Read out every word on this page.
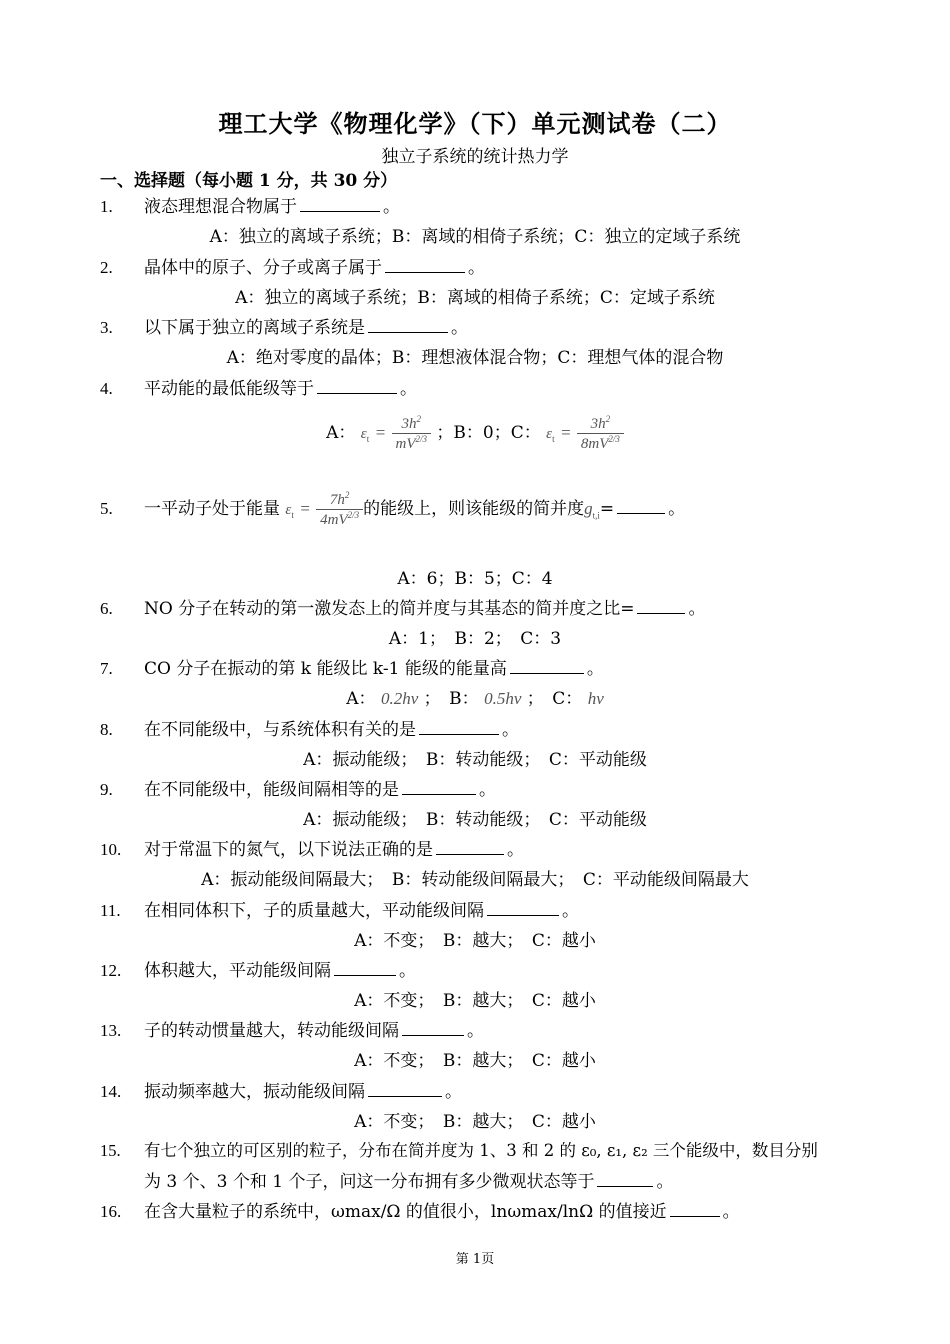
理工大学《物理化学》（下）单元测试卷（二）
独立子系统的统计热力学
一、选择题（每小题 1 分，共 30 分）
1. 液态理想混合物属于	。
A：独立的离域子系统；B：离域的相倚子系统；C：独立的定域子系统
2. 晶体中的原子、分子或离子属于	。
A：独立的离域子系统；B：离域的相倚子系统；C：定域子系统
3. 以下属于独立的离域子系统是	。
A：绝对零度的晶体；B：理想液体混合物；C：理想气体的混合物
4. 平动能的最低能级等于	。
A： $\varepsilon_t = \frac{3h^2}{mV^{2/3}}$ ；B：0；C： $\varepsilon_t = \frac{3h^2}{8mV^{2/3}}$
5. 一平动子处于能量 $\varepsilon_t = \frac{7h^2}{4mV^{2/3}}$ 的能级上，则该能级的简并度$g_{t,i}=$	。
A：6；B：5；C：4
6. NO 分子在转动的第一激发态上的简并度与其基态的简并度之比=	。
A：1；　B：2；　C：3
7. CO 分子在振动的第 k 能级比 k-1 能级的能量高	。
A： 0.2hν ；　B： 0.5hν ；　C： hν
8. 在不同能级中，与系统体积有关的是	。
A：振动能级；　B：转动能级；　C：平动能级
9. 在不同能级中，能级间隔相等的是	。
A：振动能级；　B：转动能级；　C：平动能级
10. 对于常温下的氮气，以下说法正确的是	。
A：振动能级间隔最大；　B：转动能级间隔最大；　C：平动能级间隔最大
11. 在相同体积下，子的质量越大，平动能级间隔	。
A：不变；　B：越大；　C：越小
12. 体积越大，平动能级间隔	。
A：不变；　B：越大；　C：越小
13. 子的转动惯量越大，转动能级间隔	。
A：不变；　B：越大；　C：越小
14. 振动频率越大，振动能级间隔	。
A：不变；　B：越大；　C：越小
15. 有七个独立的可区别的粒子，分布在简并度为 1、3 和 2 的 ε₀, ε₁, ε₂ 三个能级中，数目分别
为 3 个、3 个和 1 个子，问这一分布拥有多少微观状态等于	。
16. 在含大量粒子的系统中，ωmax/Ω 的值很小，lnωmax/lnΩ 的值接近	。
第 1页
